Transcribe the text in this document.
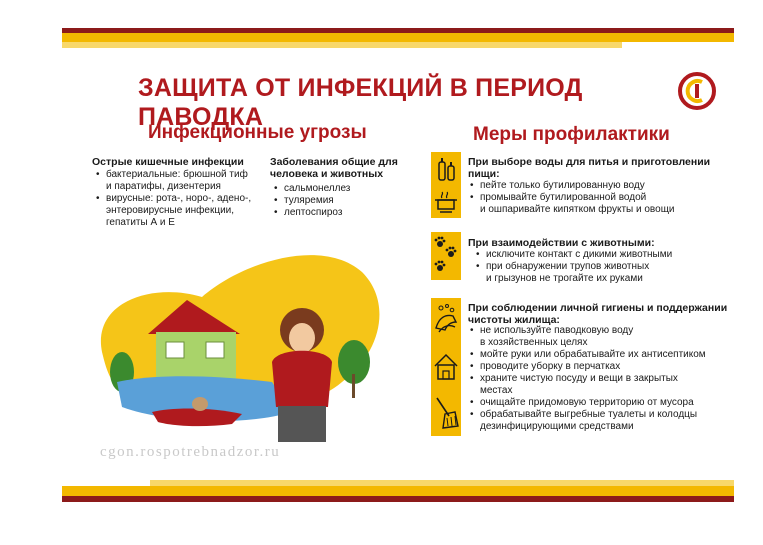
ЗАЩИТА ОТ ИНФЕКЦИЙ В ПЕРИОД ПАВОДКА
Инфекционные угрозы
Острые кишечные инфекции
• бактериальные: брюшной тиф
и паратифы, дизентерия
• вирусные: рота-, норо-, адено-,
энтеровирусные инфекции,
гепатиты А и Е
Заболевания общие для
человека и животных
• сальмонеллез
• туляремия
• лептоспироз
cgon.rospotrebnadzor.ru
Меры профилактики
При выборе воды для питья и приготовлении
пищи:
• пейте только бутилированную воду
• промывайте бутилированной водой
и ошпаривайте кипятком фрукты и овощи
При взаимодействии с животными:
• исключите контакт с дикими животными
• при обнаружении трупов животных
и грызунов не трогайте их руками
При соблюдении личной гигиены и поддержании
чистоты жилища:
• не используйте паводковую воду
в хозяйственных целях
• мойте руки или обрабатывайте их антисептиком
• проводите уборку в перчатках
• храните чистую посуду и вещи в закрытых
местах
• очищайте придомовую территорию от мусора
• обрабатывайте выгребные туалеты и колодцы
дезинфицирующими средствами
